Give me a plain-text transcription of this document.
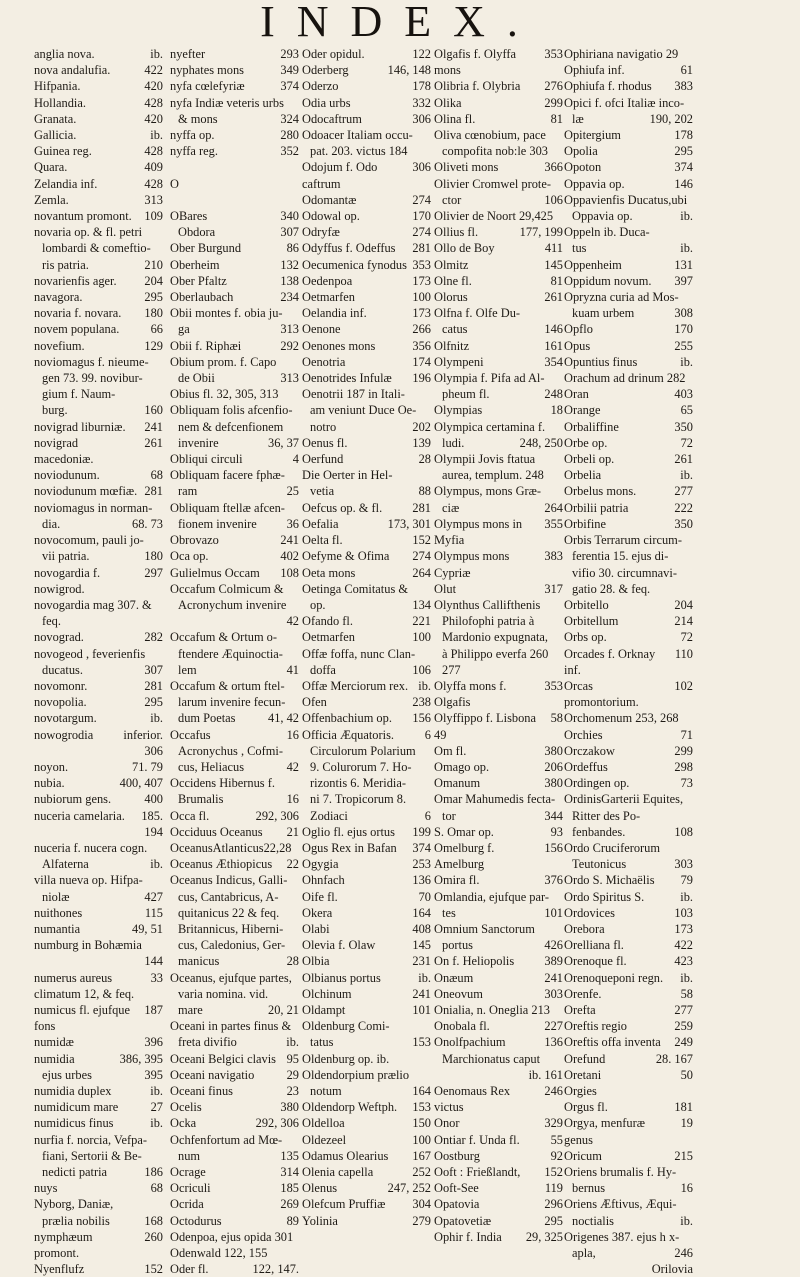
INDEX.
ib.
anglia nova.
422
nova andalufia.
420
Hifpania.
428
Hollandia.
420
Granata.
ib.
Gallicia.
428
Guinea reg.
409
Quara.
428
Zelandia inf.
313
Zemla.
109
novantum promont.
novaria op. & fl. petri
lombardi & comeftio-
210
ris patria.
204
novarienfis ager.
295
navagora.
180
novaria f. novara.
66
novem populana.
129
novefium.
noviomagus f. nieume-
gen 73. 99. novibur-
gium f. Naum-
160
burg.
241
novigrad liburniæ.
261
novigrad macedoniæ.
68
noviodunum.
281
noviodunum mœfiæ.
noviomagus in norman-
68. 73
dia.
novocomum, pauli jo-
180
vii patria.
297
novogardia f. nowigrod.
novogardia mag 307. &
feq.
282
novograd.
novogeod , feverienfis
307
ducatus.
281
novomonr.
295
novopolia.
ib.
novotargum.
inferior.
nowogrodia
306

71. 79
noyon.
400, 407
nubia.
400
nubiorum gens.
185.
nuceria camelaria.
194

nuceria f. nucera cogn.
ib.
Alfaterna
villa nueva op. Hifpa-
427
niolæ
115
nuithones
49, 51
numantia
numburg in Bohæmia
144

33
numerus aureus
climatum 12, & feq.
187
numicus fl. ejufque fons
396
numidæ
386, 395
numidia
395
ejus urbes
ib.
numidia duplex
27
numidicum mare
ib.
numidicus finus
nurfia f. norcia, Vefpa-
fiani, Sertorii & Be-
186
nedicti patria
68
nuys
Nyborg, Daniæ,
168
prælia nobilis
260
nymphæum promont.
152
Nyenflufz
293
nyefter
349
nyphates mons
374
nyfa cœlefyriæ
nyfa Indiæ veteris urbs
324
& mons
280
nyffa op.
352
nyffa reg.

O

340
OBares
307
Obdora
86
Ober Burgund
132
Oberheim
138
Ober Pfaltz
234
Oberlaubach
Obii montes f. obia ju-
313
ga
292
Obii f. Riphæi
Obium prom. f. Capo
313
de Obii
Obius fl. 32, 305, 313
Obliquam folis afcenfio-
nem & defcenfionem
36, 37
invenire
4
Obliqui circuli
Obliquam facere fphæ-
25
ram
Obliquam ftellæ afcen-
36
fionem invenire
241
Obrovazo
402
Oca op.
108
Gulielmus Occam
Occafum Colmicum &
Acronychum invenire
42

Occafum & Ortum o-
ftendere Æquinoctia-
41
lem
Occafum & ortum ftel-
larum invenire fecun-
41, 42
dum Poetas
16
Occafus
Acronychus , Cofmi-
42
cus, Heliacus
Occidens Hibernus f.
16
Brumalis
292, 306
Occa fl.
21
Occiduus Oceanus
OceanusAtlanticus22,28
22
Oceanus Æthiopicus
Oceanus Indicus, Galli-
cus, Cantabricus, A-
quitanicus 22 & feq.
Britannicus, Hiberni-
cus, Caledonius, Ger-
28
manicus
Oceanus, ejufque partes,
varia nomina. vid.
20, 21
mare
Oceani in partes finus &
ib.
freta divifio
95
Oceani Belgici clavis
29
Oceani navigatio
23
Oceani finus
380
Ocelis
292, 306
Ocka
Ochfenfortum ad Mœ-
135
num
314
Ocrage
185
Ocriculi
269
Ocrida
89
Octodurus
Odenpoa, ejus opida 301
Odenwald 122, 155
122, 147.
Oder fl.
122
Oder opidul.
146, 148
Oderberg
178
Oderzo
332
Odia urbs
306
Odocaftrum
Odoacer Italiam occu-
pat. 203. victus 184
306
Odojum f. Odo caftrum
274
Odomantæ
170
Odowal op.
274
Odryfæ
281
Odyffus f. Odeffus
353
Oecumenica fynodus
173
Oedenpoa
100
Oetmarfen
173
Oelandia inf.
266
Oenone
356
Oenones mons
174
Oenotria
196
Oenotrides Infulæ
Oenotrii 187 in Itali-
am veniunt Duce Oe-
202
notro
139
Oenus fl.
28
Oerfund
Die Oerter in Hel-
88
vetia
281
Oefcus op. & fl.
173, 301
Oefalia
152
Oelta fl.
274
Oefyme & Ofima
264
Oeta mons
Oetinga Comitatus &
134
op.
221
Ofando fl.
100
Oetmarfen
Offæ foffa, nunc Clan-
106
doffa
ib.
Offæ Merciorum rex.
238
Ofen
156
Offenbachium op.
6
Officia Æquatoris.
Circulorum Polarium
9. Colurorum 7. Ho-
rizontis 6. Meridia-
ni 7. Tropicorum 8.
6
Zodiaci
199
Oglio fl. ejus ortus
374
Ogus Rex in Bafan
253
Ogygia
136
Ohnfach
70
Oife fl.
164
Okera
408
Olabi
145
Olevia f. Olaw
231
Olbia
ib.
Olbianus portus
241
Olchinum
101
Oldampt
Oldenburg Comi-
153
tatus
Oldenburg op. ib.
Oldendorpium prælio
164
notum
153
Oldendorp Weftph.
150
Oldelloa
100
Oldezeel
167
Odamus Olearius
252
Olenia capella
247, 252
Olenus
304
Olefcum Pruffiæ
279
Yolinia
353
Olgafis f. Olyffa mons
276
Olibria f. Olybria
299
Olika
81
Olina fl.
Oliva cœnobium, pace
compofita nob:le 303
366
Oliveti mons
Olivier Cromwel prote-
106
ctor
Olivier de Noort 29,425
177, 199
Ollius fl.
411
Ollo de Boy
145
Olmitz
81
Olne fl.
261
Olorus
Olfna f. Olfe Du-
146
catus
161
Olfnitz
354
Olympeni
Olympia f. Pifa ad Al-
248
pheum fl.
18
Olympias
Olympica certamina f.
248, 250
ludi.
Olympii Jovis ftatua
aurea, templum. 248
Olympus, mons Græ-
264
ciæ
355
Olympus mons in Myfia
383
Olympus mons Cypriæ
317
Olut
Olynthus Callifthenis
Philofophi patria à
Mardonio expugnata,
à Philippo everfa 260
277
353
Olyffa mons f. Olgafis
58
Olyffippo f. Lisbona 49
380
Om fl.
206
Omago op.
380
Omanum
Omar Mahumedis fecta-
344
tor
93
S. Omar op.
156
Omelburg f. Amelburg
376
Omira fl.
Omlandia, ejufque par-
101
tes
Omnium Sanctorum
426
portus
389
On f. Heliopolis
241
Onæum
303
Oneovum
Onialia, n. Oneglia 213
227
Onobala fl.
136
Onolfpachium
Marchionatus caput
ib. 161

246
Oenomaus Rex victus
329
Onor
55
Ontiar f. Unda fl.
92
Oostburg
152
Ooft : Frießlandt,
119
Ooft-See
296
Opatovia
295
Opatovetiæ
29, 325
Ophir f. India
Ophiriana navigatio 29
61
Ophiufa inf.
383
Ophiufa f. rhodus
Opici f. ofci Italiæ inco-
190, 202
læ
178
Opitergium
295
Opolia
374
Opoton
146
Oppavia op.
Oppavienfis Ducatus,ubi
ib.
Oppavia op.
Oppeln ib. Duca-
ib.
tus
131
Oppenheim
397
Oppidum novum.
Opryzna curia ad Mos-
308
kuam urbem
170
Opflo
255
Opus
ib.
Opuntius finus
Orachum ad drinum 282
403
Oran
65
Orange
350
Orbaliffine
72
Orbe op.
261
Orbeli op.
ib.
Orbelia
277
Orbelus mons.
222
Orbilii patria
350
Orbifine
Orbis Terrarum circum-
ferentia 15. ejus di-
vifio 30. circumnavi-
gatio 28. & feq.
204
Orbitello
214
Orbitellum
72
Orbs op.
110
Orcades f. Orknay inf.
102
Orcas promontorium.
Orchomenum 253, 268
71
Orchies
299
Orczakow
298
Ordeffus
73
Ordingen op.
OrdinisGarterii Equites,
Ritter des Po-
108
fenbandes.
Ordo Cruciferorum
303
Teutonicus
79
Ordo S. Michaëlis
ib.
Ordo Spiritus S.
103
Ordovices
173
Orebora
422
Orelliana fl.
423
Orenoque fl.
ib.
Orenoqueponi regn.
58
Orenfe.
277
Orefta
259
Oreftis regio
249
Oreftis offa inventa
28. 167
Orefund
50
Oretani
Orgies
181
Orgus fl.
19
Orgya, menfuræ genus
215
Oricum
Oriens brumalis f. Hy-
16
bernus
Oriens Æftivus, Æqui-
ib.
noctialis
Origenes 387. ejus h x-
246
apla,
Orilovia
